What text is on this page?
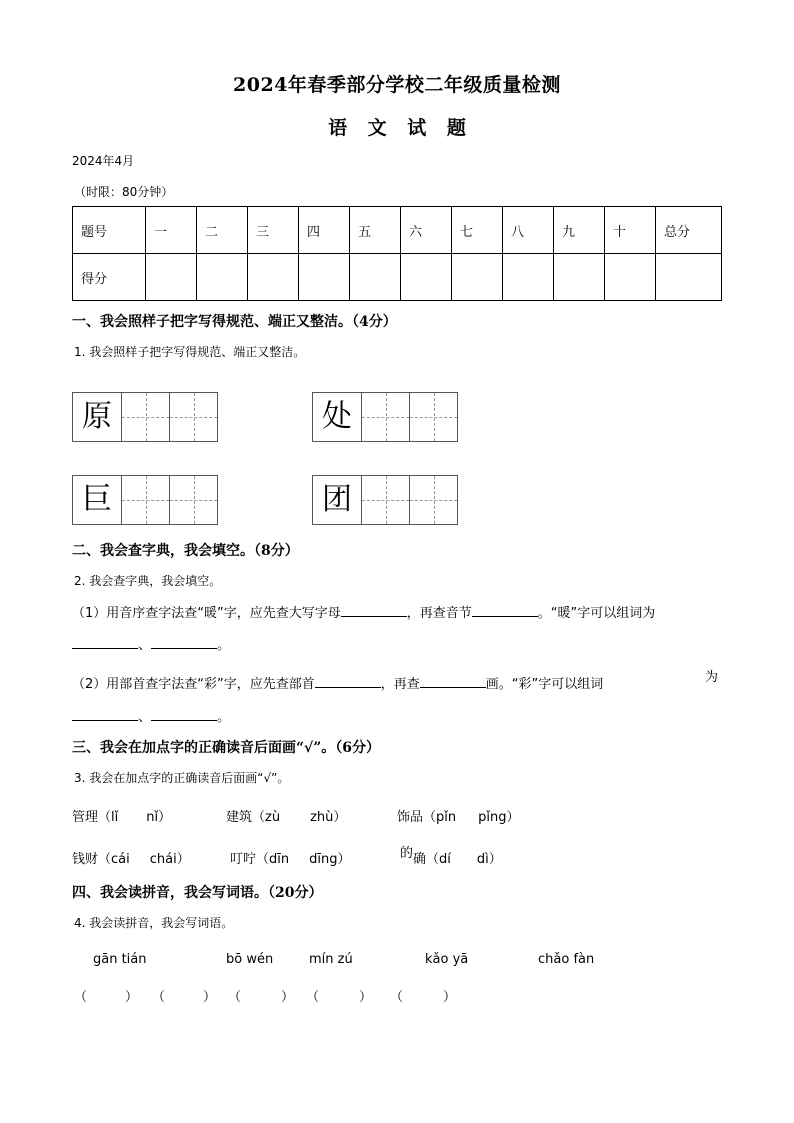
2024年春季部分学校二年级质量检测
语 文 试 题
2024年4月
（时限：80分钟）
题号	一	二	三	四	五	六	七	八	九	十	总分
得分											
一、我会照样子把字写得规范、端正又整洁。（4分）
1. 我会照样子把字写得规范、端正又整洁。
原	处
巨	团
二、我会查字典，我会填空。（8分）
2. 我会查字典，我会填空。
（1）用音序查字法查“暖”字，应先查大写字母	，再查音节	。“暖”字可以组词为
、	。
（2）用部首查字法查“彩”字，应先查部首	，再查	画。“彩”字可以组词	为
、	。
三、我会在加点字的正确读音后面画“√”。（6分）
3. 我会在加点字的正确读音后面画“√”。
管理（lǐ nǐ）	建筑（zù zhù）	饰品（pǐn pǐng）
钱财（cái chái）	叮咛（dīn dīng）	的 确（dí dì）
四、我会读拼音，我会写词语。（20分）
4. 我会读拼音，我会写词语。
gān tián	bō wén	mín zú	kǎo yā	chǎo fàn
（	） （	） （	） （	） （	）
